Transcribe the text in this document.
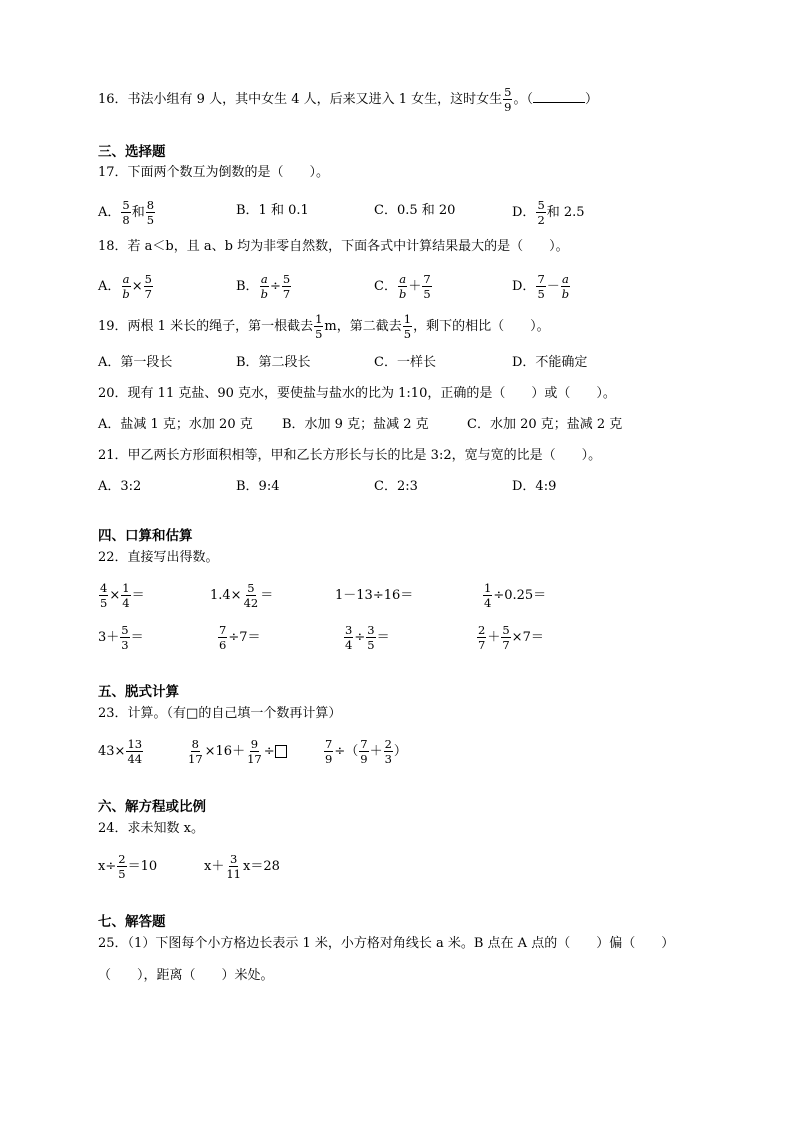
16．书法小组有 9 人，其中女生 4 人，后来又进入 1 女生，这时女生 $\frac{5}{9}$ 。（	）
三、选择题
17．下面两个数互为倒数的是（　　）。
A． $\frac{5}{8}$ 和 $\frac{8}{5}$	B．1 和 0.1	C．0.5 和 20	D． $\frac{5}{2}$ 和 2.5
18．若 a＜b，且 a、b 均为非零自然数，下面各式中计算结果最大的是（　　）。
A． $\frac{a}{b} \times \frac{5}{7}$	B． $\frac{a}{b} \div \frac{5}{7}$	C． $\frac{a}{b} + \frac{7}{5}$	D． $\frac{7}{5} - \frac{a}{b}$
19．两根 1 米长的绳子，第一根截去 $\frac{1}{5}$ m，第二截去 $\frac{1}{5}$ ，剩下的相比（　　）。
A．第一段长	B．第二段长	C．一样长	D．不能确定
20．现有 11 克盐、90 克水，要使盐与盐水的比为 1:10，正确的是（　　）或（　　）。
A．盐减 1 克；水加 20 克 B．水加 9 克；盐减 2 克	C．水加 20 克；盐减 2 克
21．甲乙两长方形面积相等，甲和乙长方形长与长的比是 3:2，宽与宽的比是（　　）。
A．3:2	B．9:4	C．2:3	D．4:9
四、口算和估算
22．直接写出得数。
$\frac{4}{5} \times \frac{1}{4}$ ＝	$1.4\times \frac{5}{42}$ ＝	1－13÷16＝	$\frac{1}{4} \div 0.25=$
$3+ \frac{5}{3}$ ＝	$\frac{7}{6} \div 7=$	$\frac{3}{4} \div \frac{3}{5}$ ＝	$\frac{2}{7} + \frac{5}{7} \times 7=$
五、脱式计算
23．计算。（有□的自己填一个数再计算）
$43\times \frac{13}{44}$	$\frac{8}{17} \times 16+ \frac{9}{17}$ ÷	$\frac{7}{9}$ ÷（ $\frac{7}{9} + \frac{2}{3}$ ）
六、解方程或比例
24．求未知数 x。
$x\div \frac{2}{5} =10$	$x+ \frac{3}{11} x=28$
七、解答题
25．（1）下图每个小方格边长表示 1 米，小方格对角线长 a 米。B 点在 A 点的（　　）偏（　　）
（　　），距离（　　）米处。
